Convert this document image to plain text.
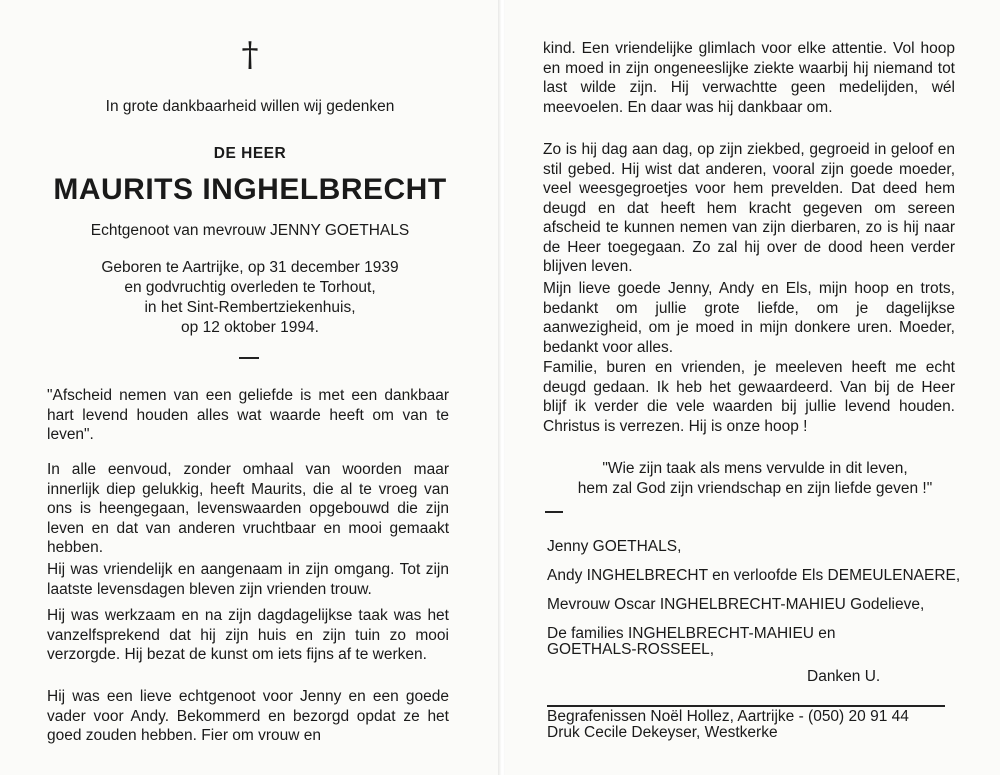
†
In grote dankbaarheid willen wij gedenken
DE HEER
MAURITS INGHELBRECHT
Echtgenoot van mevrouw JENNY GOETHALS
Geboren te Aartrijke, op 31 december 1939
en godvruchtig overleden te Torhout,
in het Sint-Rembertziekenhuis,
op 12 oktober 1994.

"Afscheid nemen van een geliefde is met een dankbaar hart levend houden alles wat waarde heeft om van te leven".

In alle eenvoud, zonder omhaal van woorden maar innerlijk diep gelukkig, heeft Maurits, die al te vroeg van ons is heengegaan, levenswaarden opgebouwd die zijn leven en dat van anderen vruchtbaar en mooi gemaakt hebben.

Hij was vriendelijk en aangenaam in zijn omgang. Tot zijn laatste levensdagen bleven zijn vrienden trouw.

Hij was werkzaam en na zijn dagdagelijkse taak was het vanzelfsprekend dat hij zijn huis en zijn tuin zo mooi verzorgde. Hij bezat de kunst om iets fijns af te werken.

Hij was een lieve echtgenoot voor Jenny en een goede vader voor Andy. Bekommerd en bezorgd opdat ze het goed zouden hebben. Fier om vrouw en

kind. Een vriendelijke glimlach voor elke attentie. Vol hoop en moed in zijn ongeneeslijke ziekte waarbij hij niemand tot last wilde zijn. Hij verwachtte geen medelijden, wél meevoelen. En daar was hij dankbaar om.

Zo is hij dag aan dag, op zijn ziekbed, gegroeid in geloof en stil gebed. Hij wist dat anderen, vooral zijn goede moeder, veel weesgegroetjes voor hem prevelden. Dat deed hem deugd en dat heeft hem kracht gegeven om sereen afscheid te kunnen nemen van zijn dierbaren, zo is hij naar de Heer toegegaan. Zo zal hij over de dood heen verder blijven leven.

Mijn lieve goede Jenny, Andy en Els, mijn hoop en trots, bedankt om jullie grote liefde, om je dagelijkse aanwezigheid, om je moed in mijn donkere uren. Moeder, bedankt voor alles.

Familie, buren en vrienden, je meeleven heeft me echt deugd gedaan. Ik heb het gewaardeerd. Van bij de Heer blijf ik verder die vele waarden bij jullie levend houden. Christus is verrezen. Hij is onze hoop !

"Wie zijn taak als mens vervulde in dit leven,
hem zal God zijn vriendschap en zijn liefde geven !"
Jenny GOETHALS,
Andy INGHELBRECHT en verloofde Els DEMEULENAERE,
Mevrouw Oscar INGHELBRECHT-MAHIEU Godelieve,
De families INGHELBRECHT-MAHIEU en
GOETHALS-ROSSEEL,
Danken U.
Begrafenissen Noël Hollez, Aartrijke - (050) 20 91 44
Druk Cecile Dekeyser, Westkerke
